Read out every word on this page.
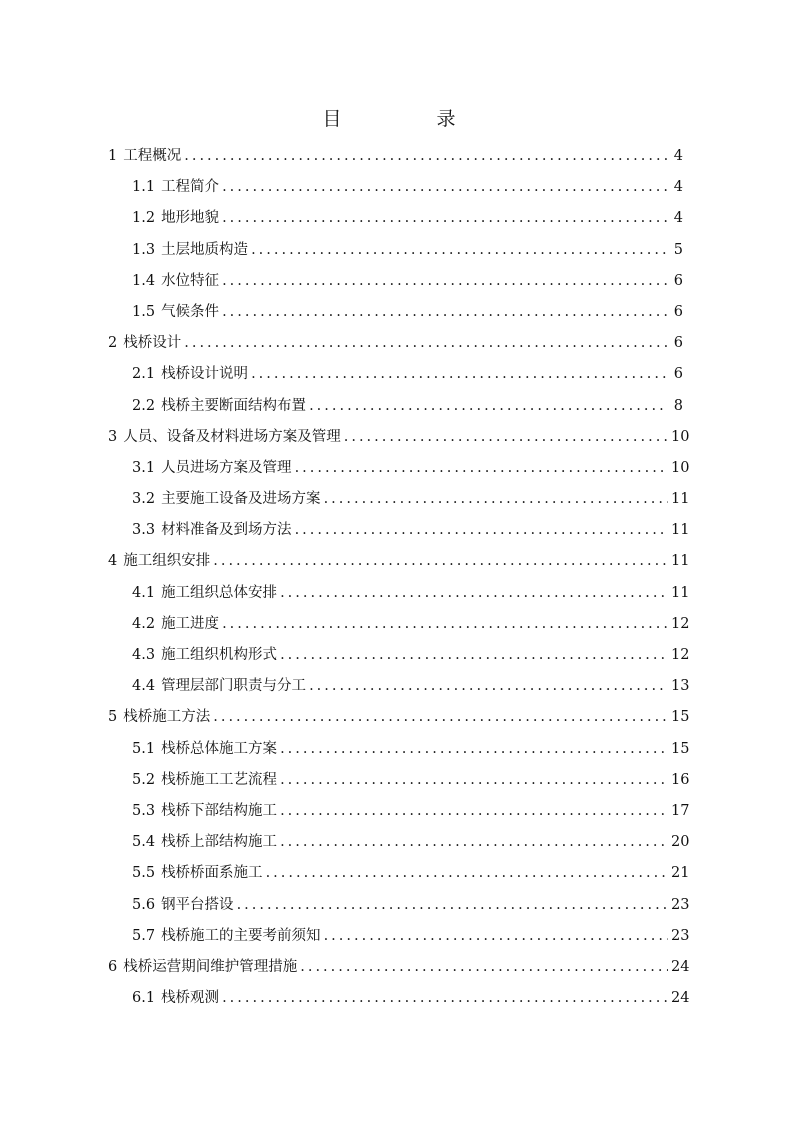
目　录
1 工程概况 .....	4
1.1 工程简介 .....	4
1.2 地形地貌 .....	4
1.3 土层地质构造 .....	5
1.4 水位特征 .....	6
1.5 气候条件 .....	6
2 栈桥设计 .....	6
2.1 栈桥设计说明 .....	6
2.2 栈桥主要断面结构布置 .....	8
3 人员、设备及材料进场方案及管理 .....	10
3.1 人员进场方案及管理 .....	10
3.2 主要施工设备及进场方案 .....	11
3.3 材料准备及到场方法 .....	11
4 施工组织安排 .....	11
4.1 施工组织总体安排 .....	11
4.2 施工进度 .....	12
4.3 施工组织机构形式 .....	12
4.4 管理层部门职责与分工 .....	13
5 栈桥施工方法 .....	15
5.1 栈桥总体施工方案 .....	15
5.2 栈桥施工工艺流程 .....	16
5.3 栈桥下部结构施工 .....	17
5.4 栈桥上部结构施工 .....	20
5.5 栈桥桥面系施工 .....	21
5.6 钢平台搭设 .....	23
5.7 栈桥施工的主要考前须知 .....	23
6 栈桥运营期间维护管理措施 .....	24
6.1 栈桥观测 .....	24
